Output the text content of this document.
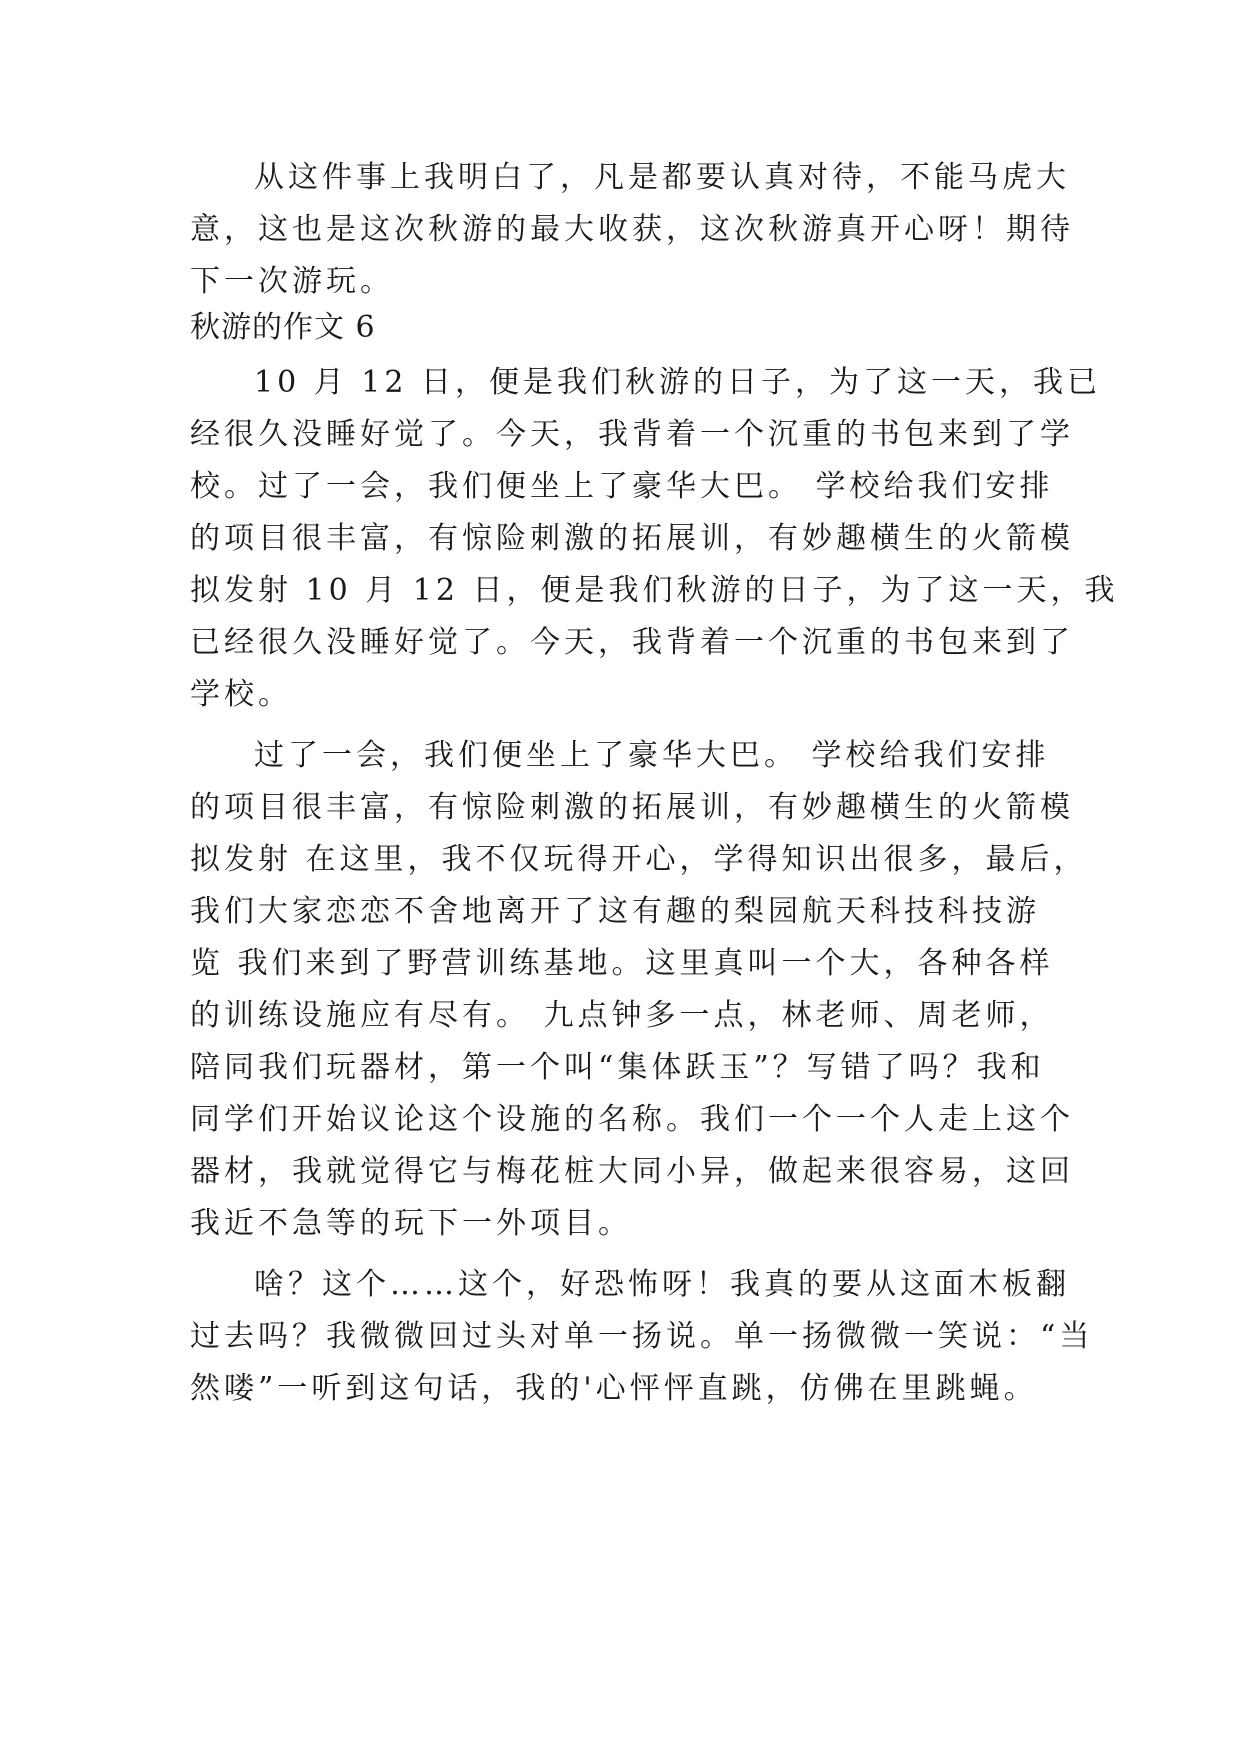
从这件事上我明白了，凡是都要认真对待，不能马虎大
意，这也是这次秋游的最大收获，这次秋游真开心呀！期待
下一次游玩。
秋游的作文 6
10 月 12 日，便是我们秋游的日子，为了这一天，我已
经很久没睡好觉了。今天，我背着一个沉重的书包来到了学
校。过了一会，我们便坐上了豪华大巴。 学校给我们安排
的项目很丰富，有惊险刺激的拓展训，有妙趣横生的火箭模
拟发射 10 月 12 日，便是我们秋游的日子，为了这一天，我
已经很久没睡好觉了。今天，我背着一个沉重的书包来到了
学校。
过了一会，我们便坐上了豪华大巴。 学校给我们安排
的项目很丰富，有惊险刺激的拓展训，有妙趣横生的火箭模
拟发射 在这里，我不仅玩得开心，学得知识出很多，最后，
我们大家恋恋不舍地离开了这有趣的梨园航天科技科技游
览 我们来到了野营训练基地。这里真叫一个大，各种各样
的训练设施应有尽有。 九点钟多一点，林老师、周老师，
陪同我们玩器材，第一个叫“集体跃玉”？写错了吗？我和
同学们开始议论这个设施的名称。我们一个一个人走上这个
器材，我就觉得它与梅花桩大同小异，做起来很容易，这回
我近不急等的玩下一外项目。
啥？这个……这个，好恐怖呀！我真的要从这面木板翻
过去吗？我微微回过头对单一扬说。单一扬微微一笑说：“当
然喽”一听到这句话，我的'心怦怦直跳，仿佛在里跳蝇。
